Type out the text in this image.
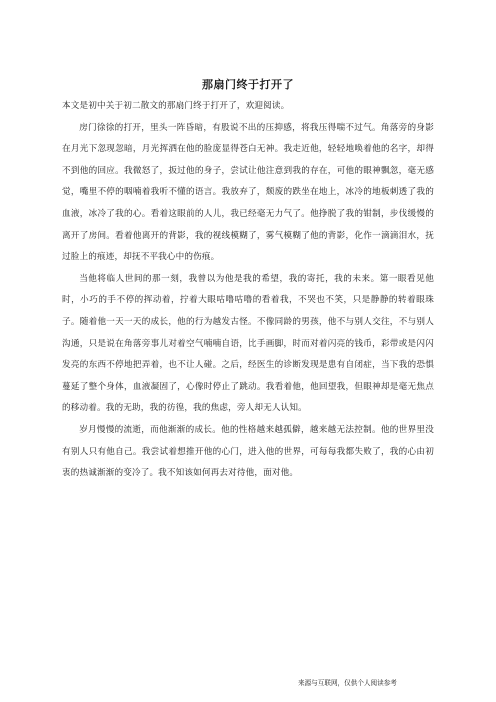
那扇门终于打开了

本文是初中关于初二散文的那扇门终于打开了，欢迎阅读。

房门徐徐的打开，里头一阵昏暗，有股说不出的压抑感，将我压得喘不过气。角落旁的身影在月光下忽现忽暗，月光挥洒在他的脸庞显得苍白无神。我走近他，轻轻地唤着他的名字，却得不到他的回应。我微怒了，扳过他的身子，尝试让他注意到我的存在，可他的眼神飘忽，毫无感觉，嘴里不停的咽喃着我听不懂的语言。我放弃了，颓废的跌坐在地上，冰冷的地板刺透了我的血液，冰冷了我的心。看着这眼前的人儿，我已经毫无力气了。他挣脱了我的钳制，步伐缓慢的离开了房间。看着他离开的背影，我的视线模糊了，雾气模糊了他的背影，化作一滴滴泪水，抚过脸上的痕迹，却抚不平我心中的伤痕。

当他将临人世间的那一刻，我曾以为他是我的希望，我的寄托，我的未来。第一眼看见他时，小巧的手不停的挥动着，拧着大眼咕噜咕噜的看着我，不哭也不笑，只是静静的转着眼珠子。随着他一天一天的成长，他的行为越发古怪。不像同龄的男孩，他不与别人交往，不与别人沟通，只是说在角落旁事儿对着空气喃喃自语，比手画脚，时而对着闪亮的钱币，彩带或是闪闪发亮的东西不停地把弄着，也不让人碰。之后，经医生的诊断发现是患有自闭症，当下我的恐惧蔓延了整个身体，血液凝固了，心像时停止了跳动。我看着他，他回望我，但眼神却是毫无焦点的移动着。我的无助，我的彷徨，我的焦虑，旁人却无人认知。

岁月慢慢的流逝，而他渐渐的成长。他的性格越来越孤僻，越来越无法控制。他的世界里没有别人只有他自己。我尝试着想推开他的心门，进入他的世界，可每每我都失败了，我的心由初衷的热诚渐渐的变冷了。我不知该如何再去对待他，面对他。

来源与互联网，仅供个人阅读参考
